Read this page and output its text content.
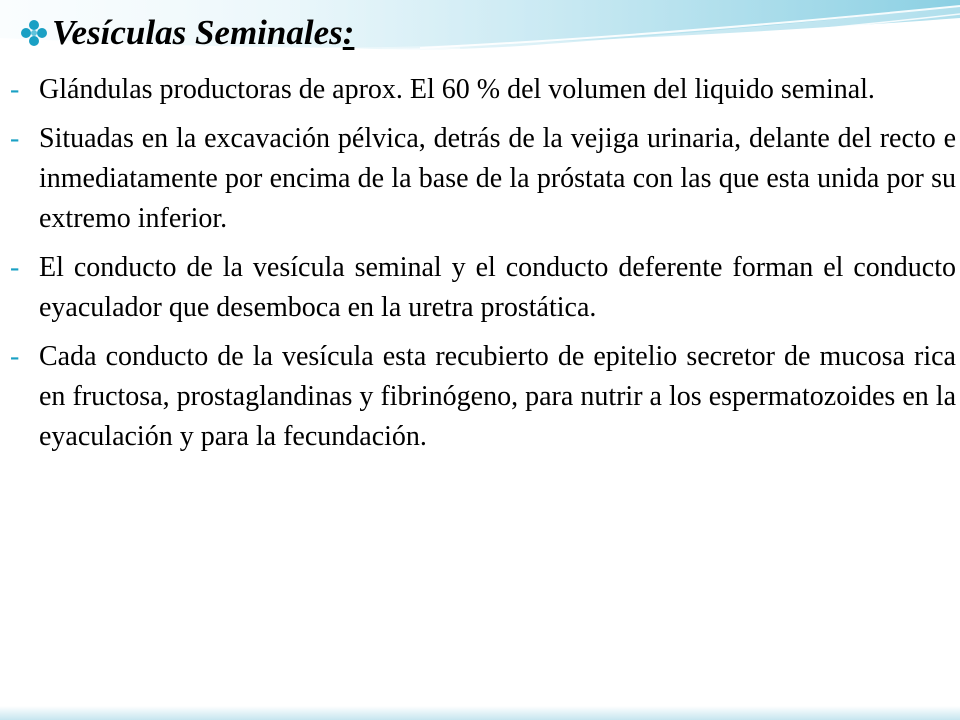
Vesículas Seminales:
- Glándulas productoras de aprox. El 60 % del volumen del liquido seminal.
- Situadas en la excavación pélvica, detrás de la vejiga urinaria, delante del recto e inmediatamente por encima de la base de la próstata con las que esta unida por su extremo inferior.
- El conducto de la vesícula seminal y el conducto deferente forman el conducto eyaculador que desemboca en la uretra prostática.
- Cada conducto de la vesícula esta recubierto de epitelio secretor de mucosa rica en fructosa, prostaglandinas y fibrinógeno, para nutrir a los espermatozoides en la eyaculación y para la fecundación.
